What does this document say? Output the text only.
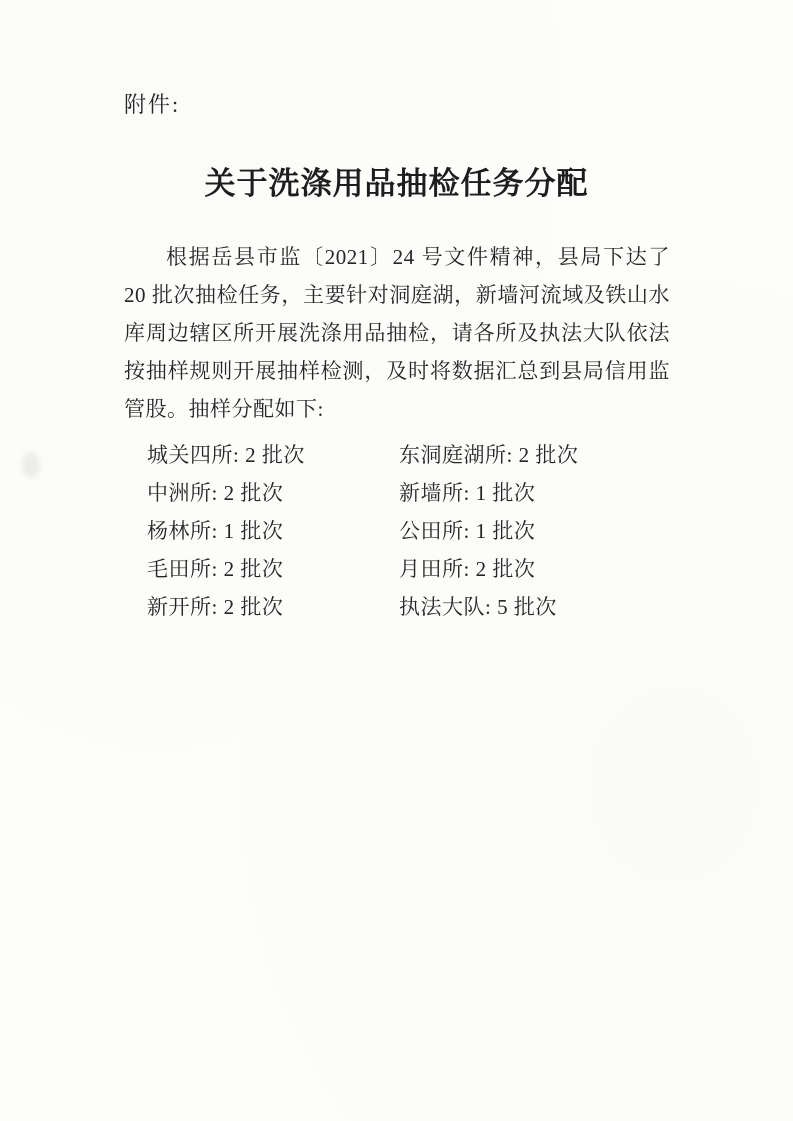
附件:
关于洗涤用品抽检任务分配

根据岳县市监〔2021〕24 号文件精神，县局下达了 20 批次抽检任务，主要针对洞庭湖，新墙河流域及铁山水库周边辖区所开展洗涤用品抽检，请各所及执法大队依法按抽样规则开展抽样检测，及时将数据汇总到县局信用监管股。抽样分配如下:

城关四所: 2 批次
中洲所: 2 批次
杨林所: 1 批次
毛田所: 2 批次
新开所: 2 批次
东洞庭湖所: 2 批次
新墙所: 1 批次
公田所: 1 批次
月田所: 2 批次
执法大队: 5 批次
